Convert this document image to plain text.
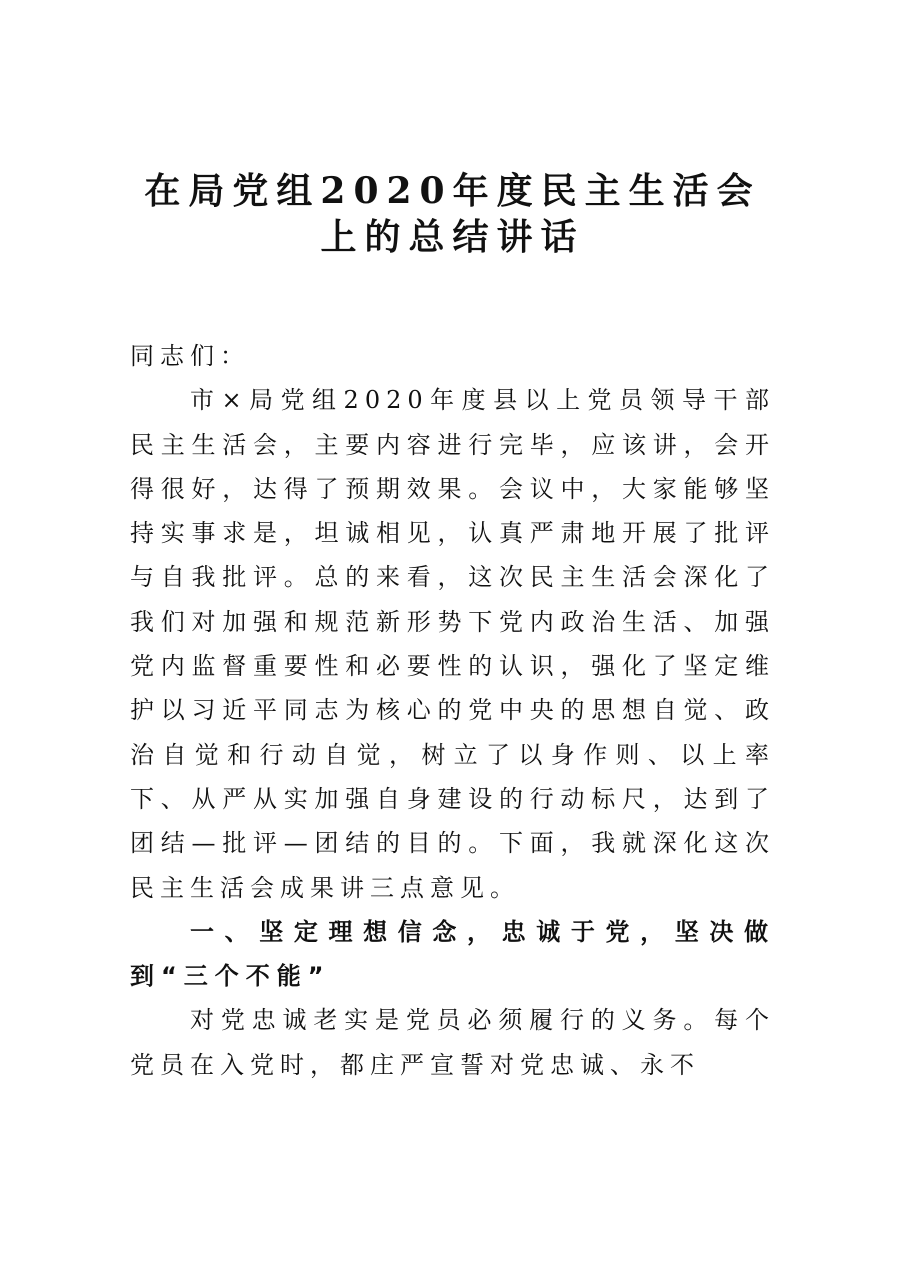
在局党组2020年度民主生活会
上的总结讲话

同志们：

市×局党组2020年度县以上党员领导干部民主生活会，主要内容进行完毕，应该讲，会开得很好，达得了预期效果。会议中，大家能够坚持实事求是，坦诚相见，认真严肃地开展了批评与自我批评。总的来看，这次民主生活会深化了我们对加强和规范新形势下党内政治生活、加强党内监督重要性和必要性的认识，强化了坚定维护以习近平同志为核心的党中央的思想自觉、政治自觉和行动自觉，树立了以身作则、以上率下、从严从实加强自身建设的行动标尺，达到了团结—批评—团结的目的。下面，我就深化这次民主生活会成果讲三点意见。

一、坚定理想信念，忠诚于党，坚决做到“三个不能”

对党忠诚老实是党员必须履行的义务。每个党员在入党时，都庄严宣誓对党忠诚、永不
